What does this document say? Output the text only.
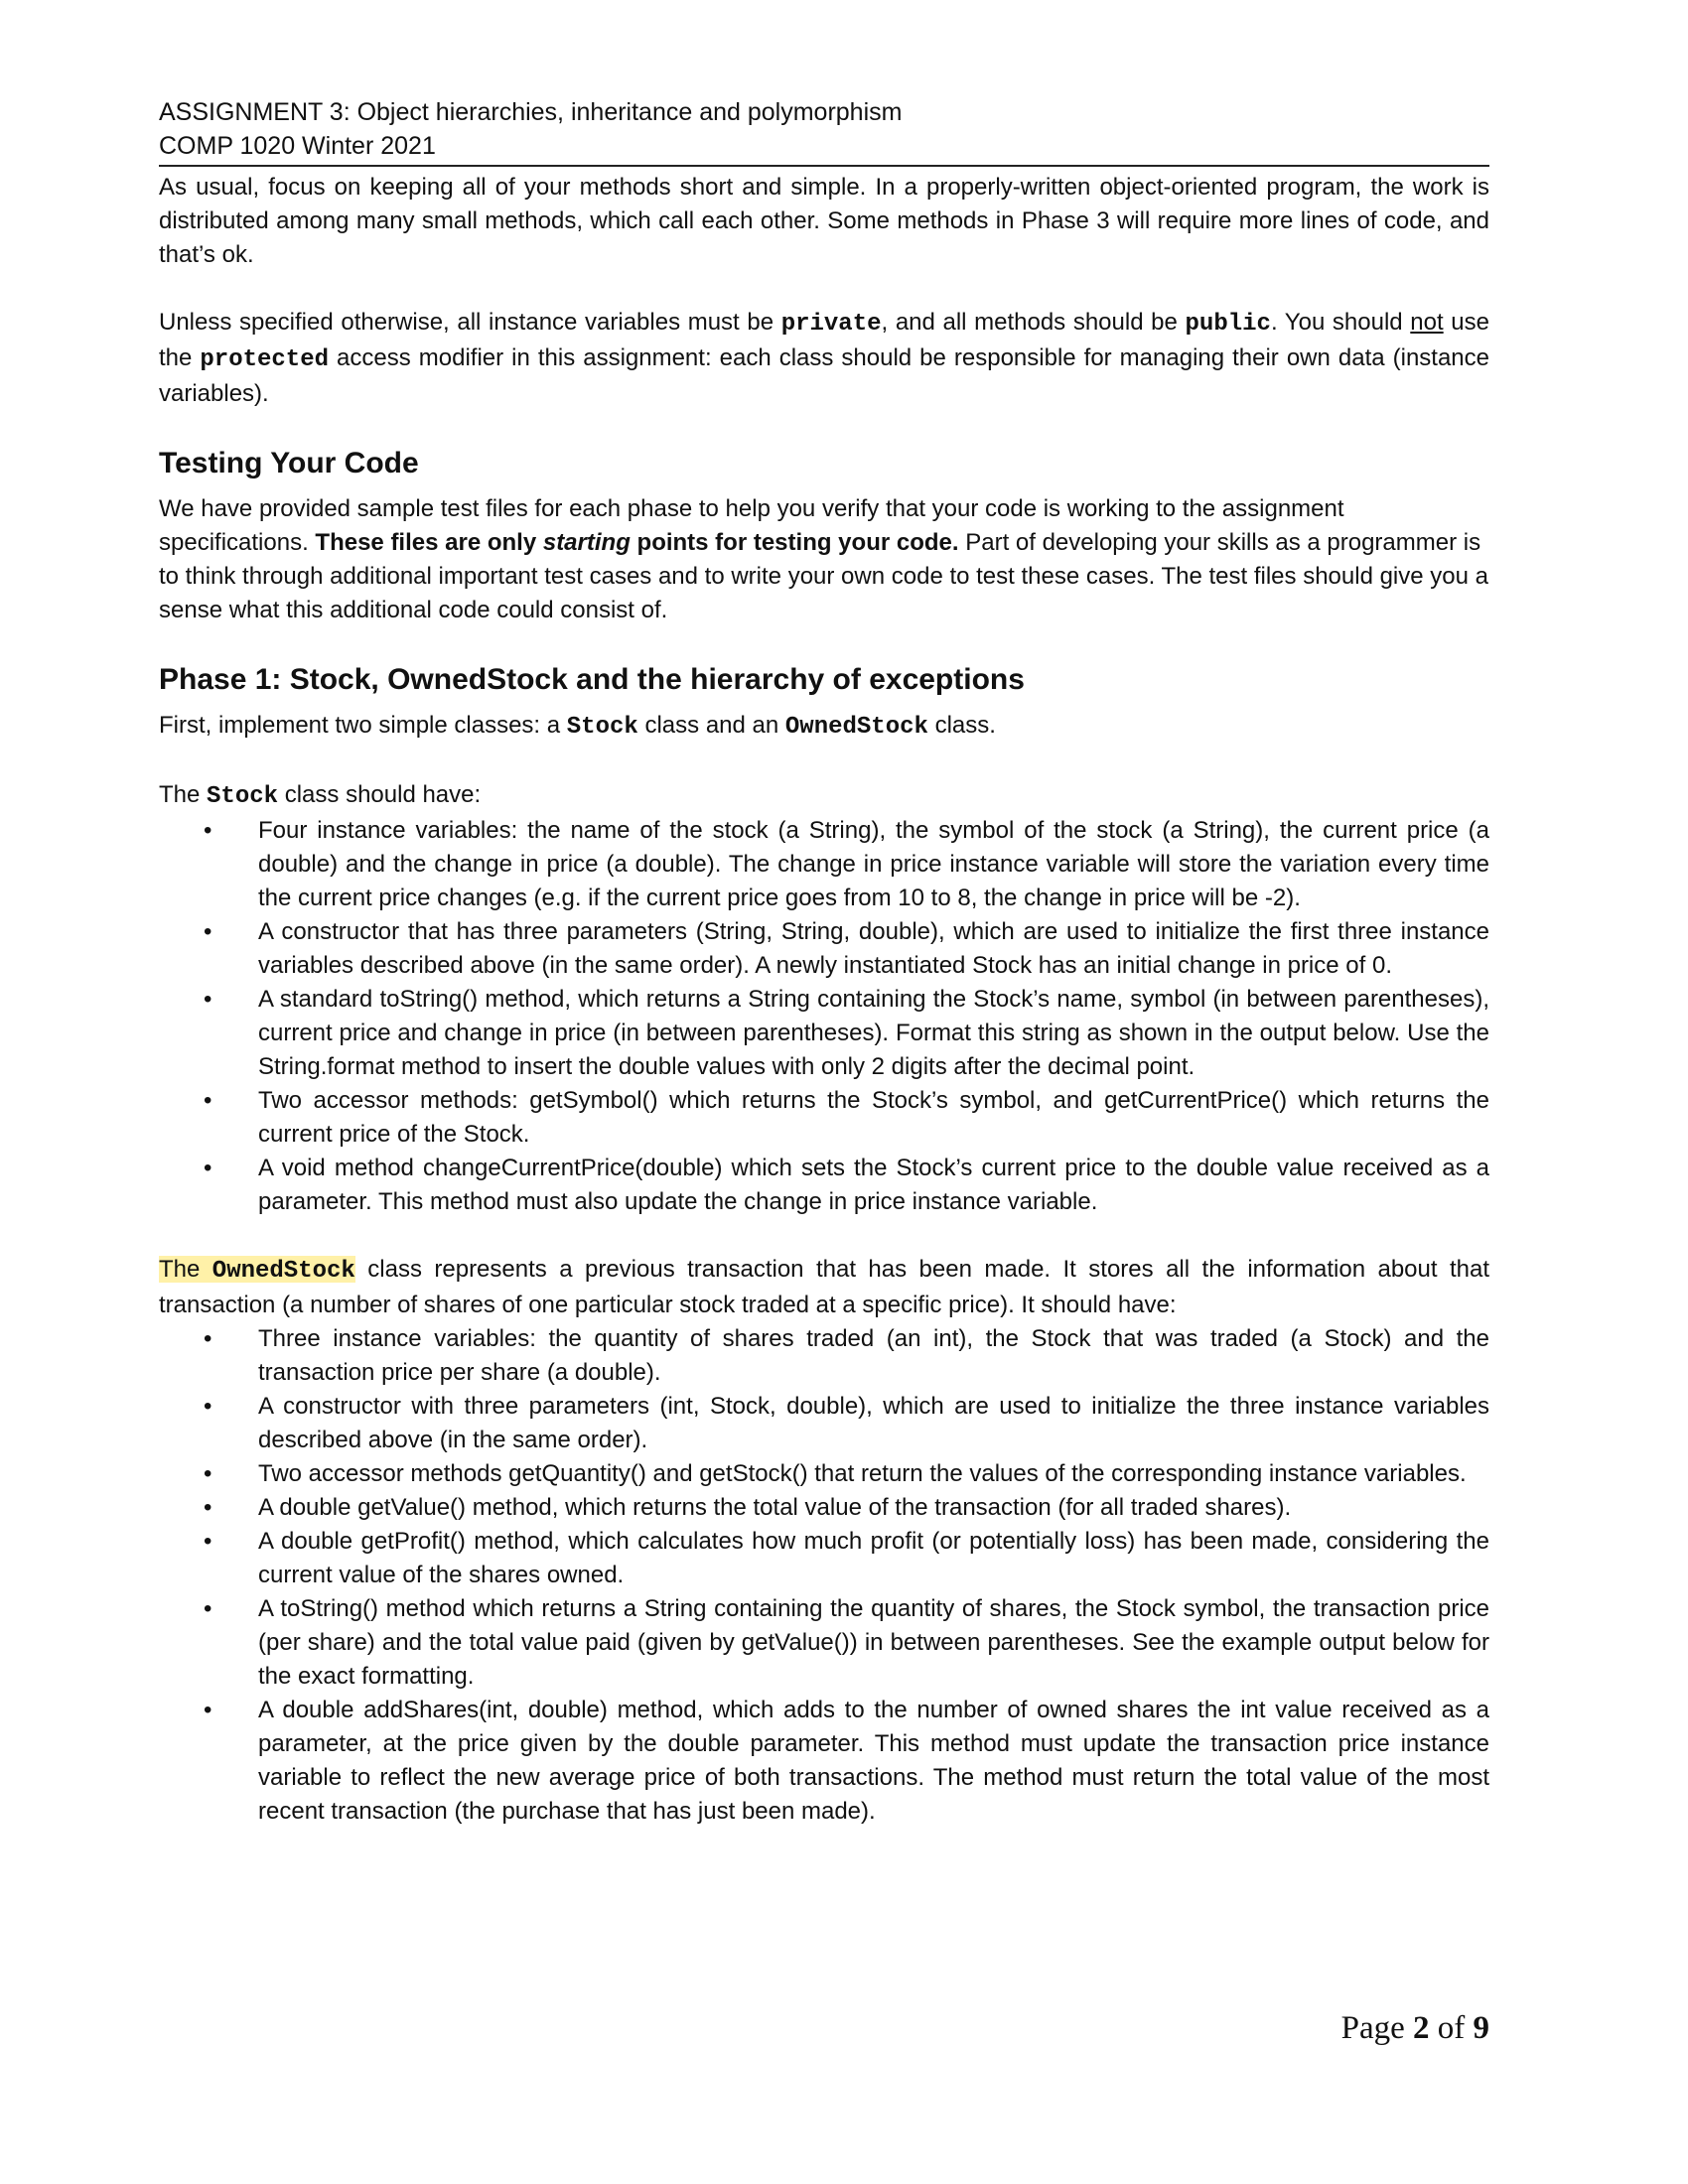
ASSIGNMENT 3: Object hierarchies, inheritance and polymorphism
COMP 1020 Winter 2021

As usual, focus on keeping all of your methods short and simple. In a properly-written object-oriented program, the work is distributed among many small methods, which call each other. Some methods in Phase 3 will require more lines of code, and that’s ok.

Unless specified otherwise, all instance variables must be private, and all methods should be public. You should not use the protected access modifier in this assignment: each class should be responsible for managing their own data (instance variables).

Testing Your Code

We have provided sample test files for each phase to help you verify that your code is working to the assignment specifications. These files are only starting points for testing your code. Part of developing your skills as a programmer is to think through additional important test cases and to write your own code to test these cases. The test files should give you a sense what this additional code could consist of.

Phase 1: Stock, OwnedStock and the hierarchy of exceptions

First, implement two simple classes: a Stock class and an OwnedStock class.

The Stock class should have:

• Four instance variables: the name of the stock (a String), the symbol of the stock (a String), the current price (a double) and the change in price (a double). The change in price instance variable will store the variation every time the current price changes (e.g. if the current price goes from 10 to 8, the change in price will be -2).
• A constructor that has three parameters (String, String, double), which are used to initialize the first three instance variables described above (in the same order). A newly instantiated Stock has an initial change in price of 0.
• A standard toString() method, which returns a String containing the Stock’s name, symbol (in between parentheses), current price and change in price (in between parentheses). Format this string as shown in the output below. Use the String.format method to insert the double values with only 2 digits after the decimal point.
• Two accessor methods: getSymbol() which returns the Stock’s symbol, and getCurrentPrice() which returns the current price of the Stock.
• A void method changeCurrentPrice(double) which sets the Stock’s current price to the double value received as a parameter. This method must also update the change in price instance variable.

The OwnedStock class represents a previous transaction that has been made. It stores all the information about that transaction (a number of shares of one particular stock traded at a specific price). It should have:

• Three instance variables: the quantity of shares traded (an int), the Stock that was traded (a Stock) and the transaction price per share (a double).
• A constructor with three parameters (int, Stock, double), which are used to initialize the three instance variables described above (in the same order).
• Two accessor methods getQuantity() and getStock() that return the values of the corresponding instance variables.
• A double getValue() method, which returns the total value of the transaction (for all traded shares).
• A double getProfit() method, which calculates how much profit (or potentially loss) has been made, considering the current value of the shares owned.
• A toString() method which returns a String containing the quantity of shares, the Stock symbol, the transaction price (per share) and the total value paid (given by getValue()) in between parentheses. See the example output below for the exact formatting.
• A double addShares(int, double) method, which adds to the number of owned shares the int value received as a parameter, at the price given by the double parameter. This method must update the transaction price instance variable to reflect the new average price of both transactions. The method must return the total value of the most recent transaction (the purchase that has just been made).
Page 2 of 9
